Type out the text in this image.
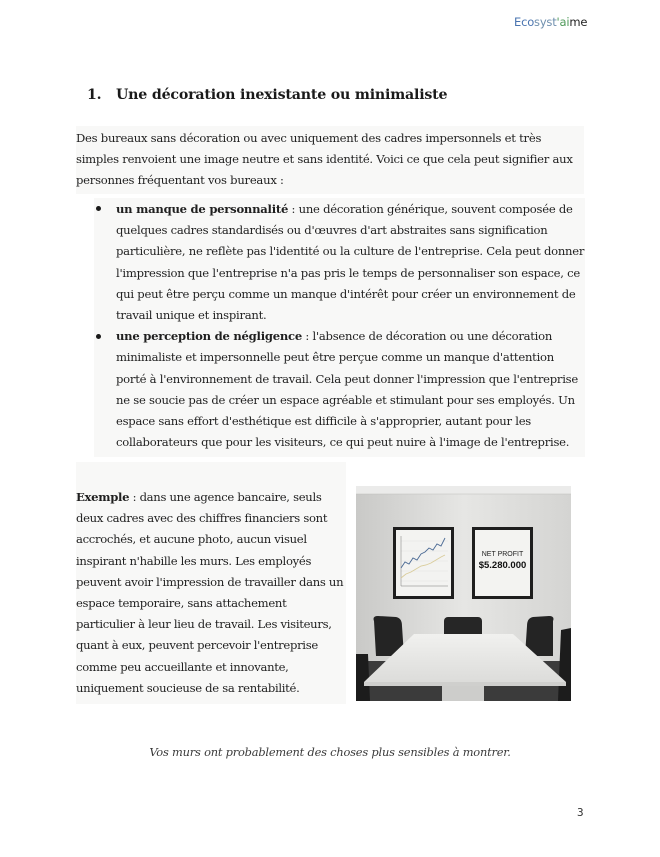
Ecosyst'aime
1.	Une décoration inexistante ou minimaliste

Des bureaux sans décoration ou avec uniquement des cadres impersonnels et très simples renvoient une image neutre et sans identité. Voici ce que cela peut signifier aux personnes fréquentant vos bureaux :

un manque de personnalité : une décoration générique, souvent composée de quelques cadres standardisés ou d'œuvres d'art abstraites sans signification particulière, ne reflète pas l'identité ou la culture de l'entreprise. Cela peut donner l'impression que l'entreprise n'a pas pris le temps de personnaliser son espace, ce qui peut être perçu comme un manque d'intérêt pour créer un environnement de travail unique et inspirant.
une perception de négligence : l'absence de décoration ou une décoration minimaliste et impersonnelle peut être perçue comme un manque d'attention porté à l'environnement de travail. Cela peut donner l'impression que l'entreprise ne se soucie pas de créer un espace agréable et stimulant pour ses employés. Un espace sans effort d'esthétique est difficile à s'approprier, autant pour les collaborateurs que pour les visiteurs, ce qui peut nuire à l'image de l'entreprise.
Exemple : dans une agence bancaire, seuls deux cadres avec des chiffres financiers sont accrochés, et aucune photo, aucun visuel inspirant n'habille les murs. Les employés peuvent avoir l'impression de travailler dans un espace temporaire, sans attachement particulier à leur lieu de travail. Les visiteurs, quant à eux, peuvent percevoir l'entreprise comme peu accueillante et innovante, uniquement soucieuse de sa rentabilité.
NET PROFIT
$5.280.000

Vos murs ont probablement des choses plus sensibles à montrer.

3
